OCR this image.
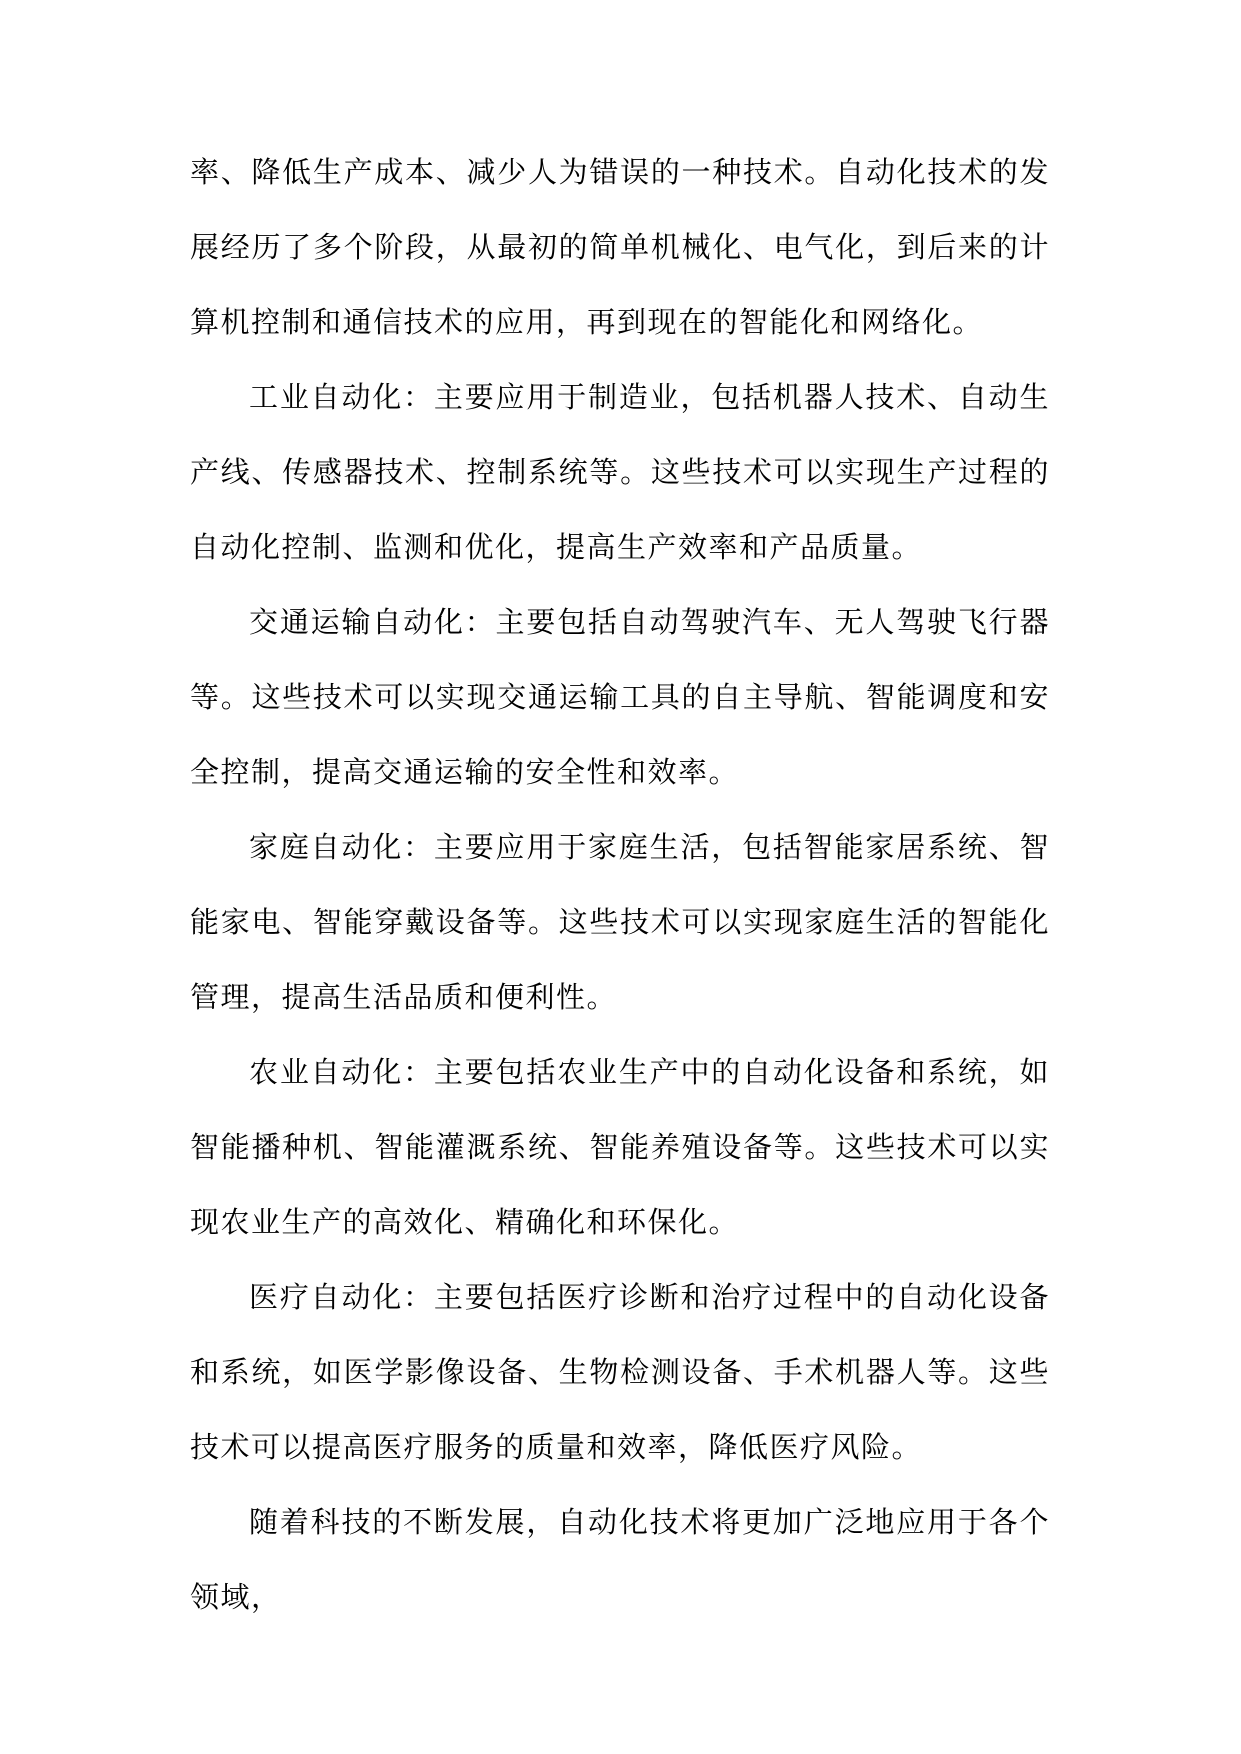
率、降低生产成本、减少人为错误的一种技术。自动化技术的发展经历了多个阶段，从最初的简单机械化、电气化，到后来的计算机控制和通信技术的应用，再到现在的智能化和网络化。

工业自动化：主要应用于制造业，包括机器人技术、自动生产线、传感器技术、控制系统等。这些技术可以实现生产过程的自动化控制、监测和优化，提高生产效率和产品质量。

交通运输自动化：主要包括自动驾驶汽车、无人驾驶飞行器等。这些技术可以实现交通运输工具的自主导航、智能调度和安全控制，提高交通运输的安全性和效率。

家庭自动化：主要应用于家庭生活，包括智能家居系统、智能家电、智能穿戴设备等。这些技术可以实现家庭生活的智能化管理，提高生活品质和便利性。

农业自动化：主要包括农业生产中的自动化设备和系统，如智能播种机、智能灌溉系统、智能养殖设备等。这些技术可以实现农业生产的高效化、精确化和环保化。

医疗自动化：主要包括医疗诊断和治疗过程中的自动化设备和系统，如医学影像设备、生物检测设备、手术机器人等。这些技术可以提高医疗服务的质量和效率，降低医疗风险。

随着科技的不断发展，自动化技术将更加广泛地应用于各个领域，
